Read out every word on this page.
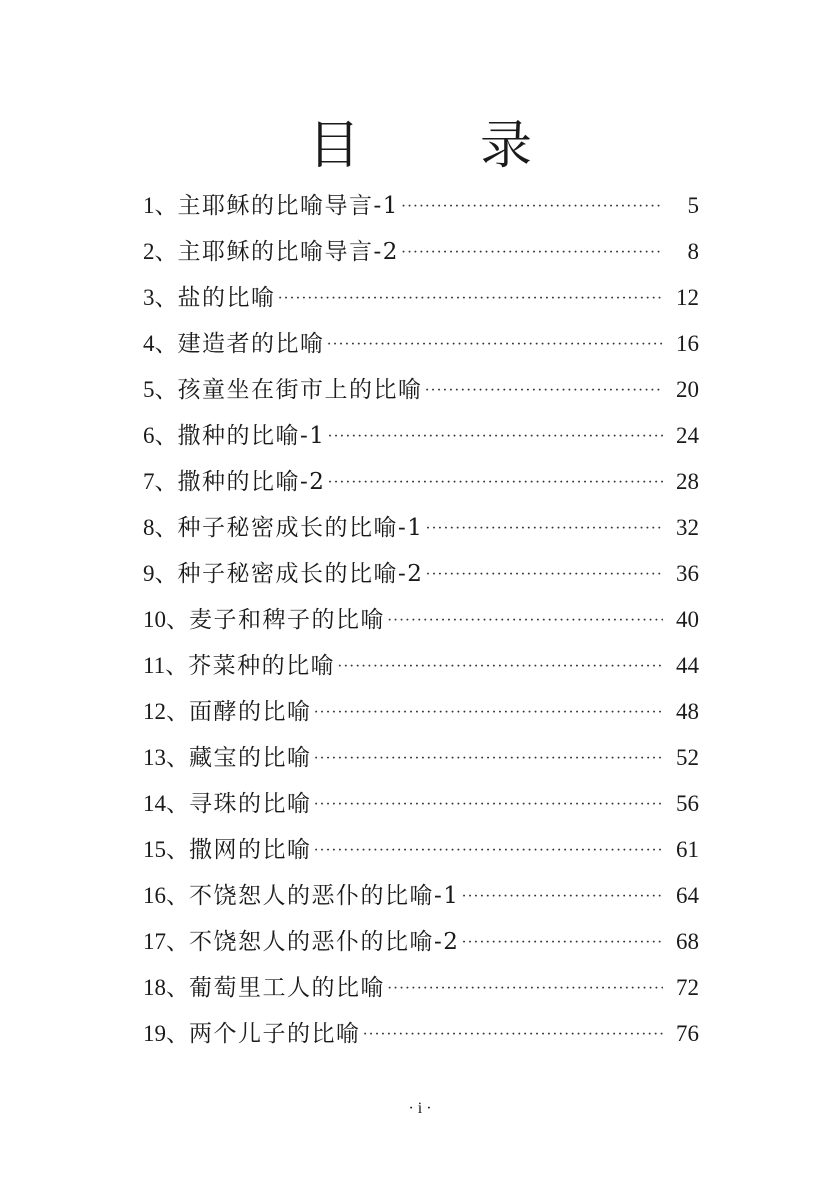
目　录
1、 主耶稣的比喻导言-1 ·····	5
2、 主耶稣的比喻导言-2 ·····	8
3、 盐的比喻 ·····	12
4、 建造者的比喻 ·····	16
5、 孩童坐在街市上的比喻 ·····	20
6、 撒种的比喻-1 ·····	24
7、 撒种的比喻-2 ·····	28
8、 种子秘密成长的比喻-1 ·····	32
9、 种子秘密成长的比喻-2 ·····	36
10、 麦子和稗子的比喻 ·····	40
11、 芥菜种的比喻 ·····	44
12、 面酵的比喻 ·····	48
13、 藏宝的比喻 ·····	52
14、 寻珠的比喻 ·····	56
15、 撒网的比喻 ·····	61
16、 不饶恕人的恶仆的比喻-1 ·····	64
17、 不饶恕人的恶仆的比喻-2 ·····	68
18、 葡萄里工人的比喻 ·····	72
19、 两个儿子的比喻 ·····	76
· i ·
